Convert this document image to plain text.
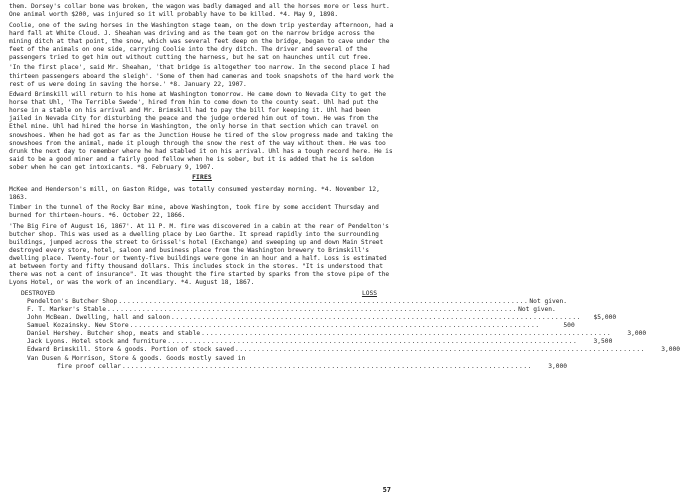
them. Dorsey's collar bone was broken, the wagon was badly damaged and all the horses more or less hurt. One animal worth $200, was injured so it will probably have to be killed. *4. May 9, 1898.

Coolie, one of the swing horses in the Washington stage team, on the down trip yesterday afternoon, had a hard fall at White Cloud. J. Sheahan was driving and as the team got on the narrow bridge across the mining ditch at that point, the snow, which was several feet deep on the bridge, began to cave under the feet of the animals on one side, carrying Coolie into the dry ditch. The driver and several of the passengers tried to get him out without cutting the harness, but he sat on haunches until cut free.

'In the first place', said Mr. Sheahan, 'that bridge is altogether too narrow. In the second place I had thirteen passengers aboard the sleigh'. 'Some of them had cameras and took snapshots of the hard work the rest of us were doing in saving the horse.' *8. January 22, 1907.

Edward Brimskill will return to his home at Washington tomorrow. He came down to Nevada City to get the horse that Uhl, 'The Terrible Swede', hired from him to come down to the county seat. Uhl had put the horse in a stable on his arrival and Mr. Brimskill had to pay the bill for keeping it. Uhl had been jailed in Nevada City for disturbing the peace and the judge ordered him out of town. He was from the Ethel mine. Uhl had hired the horse in Washington, the only horse in that section which can travel on snowshoes. When he had got as far as the Junction House he tired of the slow progress made and taking the snowshoes from the animal, made it plough through the snow the rest of the way without them. He was too drunk the next day to remember where he had stabled it on his arrival. Uhl has a tough record here. He is said to be a good miner and a fairly good fellow when he is sober, but it is added that he is seldom sober when he can get intoxicants. *8. February 9, 1907.

FIRES

McKee and Henderson's mill, on Gaston Ridge, was totally consumed yesterday morning. *4. November 12, 1863.

Timber in the tunnel of the Rocky Bar mine, above Washington, took fire by some accident Thursday and burned for thirteen-hours. *6. October 22, 1866.

'The Big Fire of August 16, 1867'. At 11 P. M. fire was discovered in a cabin at the rear of Pendelton's butcher shop. This was used as a dwelling place by Leo Garthe. It spread rapidly into the surrounding buildings, jumped across the street to Grissel's hotel (Exchange) and sweeping up and down Main Street destroyed every store, hotel, saloon and business place from the Washington brewery to Brimskill's dwelling place. Twenty-four or twenty-five buildings were gone in an hour and a half. Loss is estimated at between forty and fifty thousand dollars. This includes stock in the stores. "It is understood that there was not a cent of insurance". It was thought the fire started by sparks from the stove pipe of the Lyons Hotel, or was the work of an incendiary. *4. August 18, 1867.

DESTROYED	LOSS
Pendelton's Butcher Shop .............................................................................................. Not given.
F. T. Marker's Stable .............................................................................................. Not given.
John McBean. Dwelling, hall and saloon ..............................................................................................	$5,000
Samuel Kozainsky. New Store ..............................................................................................	500
Daniel Hershey. Butcher shop, meats and stable ..............................................................................................	3,000
Jack Lyons. Hotel stock and furniture ..............................................................................................	3,500
Edward Brimskill. Store & goods. Portion of stock saved ..............................................................................................	3,000
Van Dusen & Morrison, Store & goods. Goods mostly saved in
fire proof cellar ..............................................................................................	3,000
57
